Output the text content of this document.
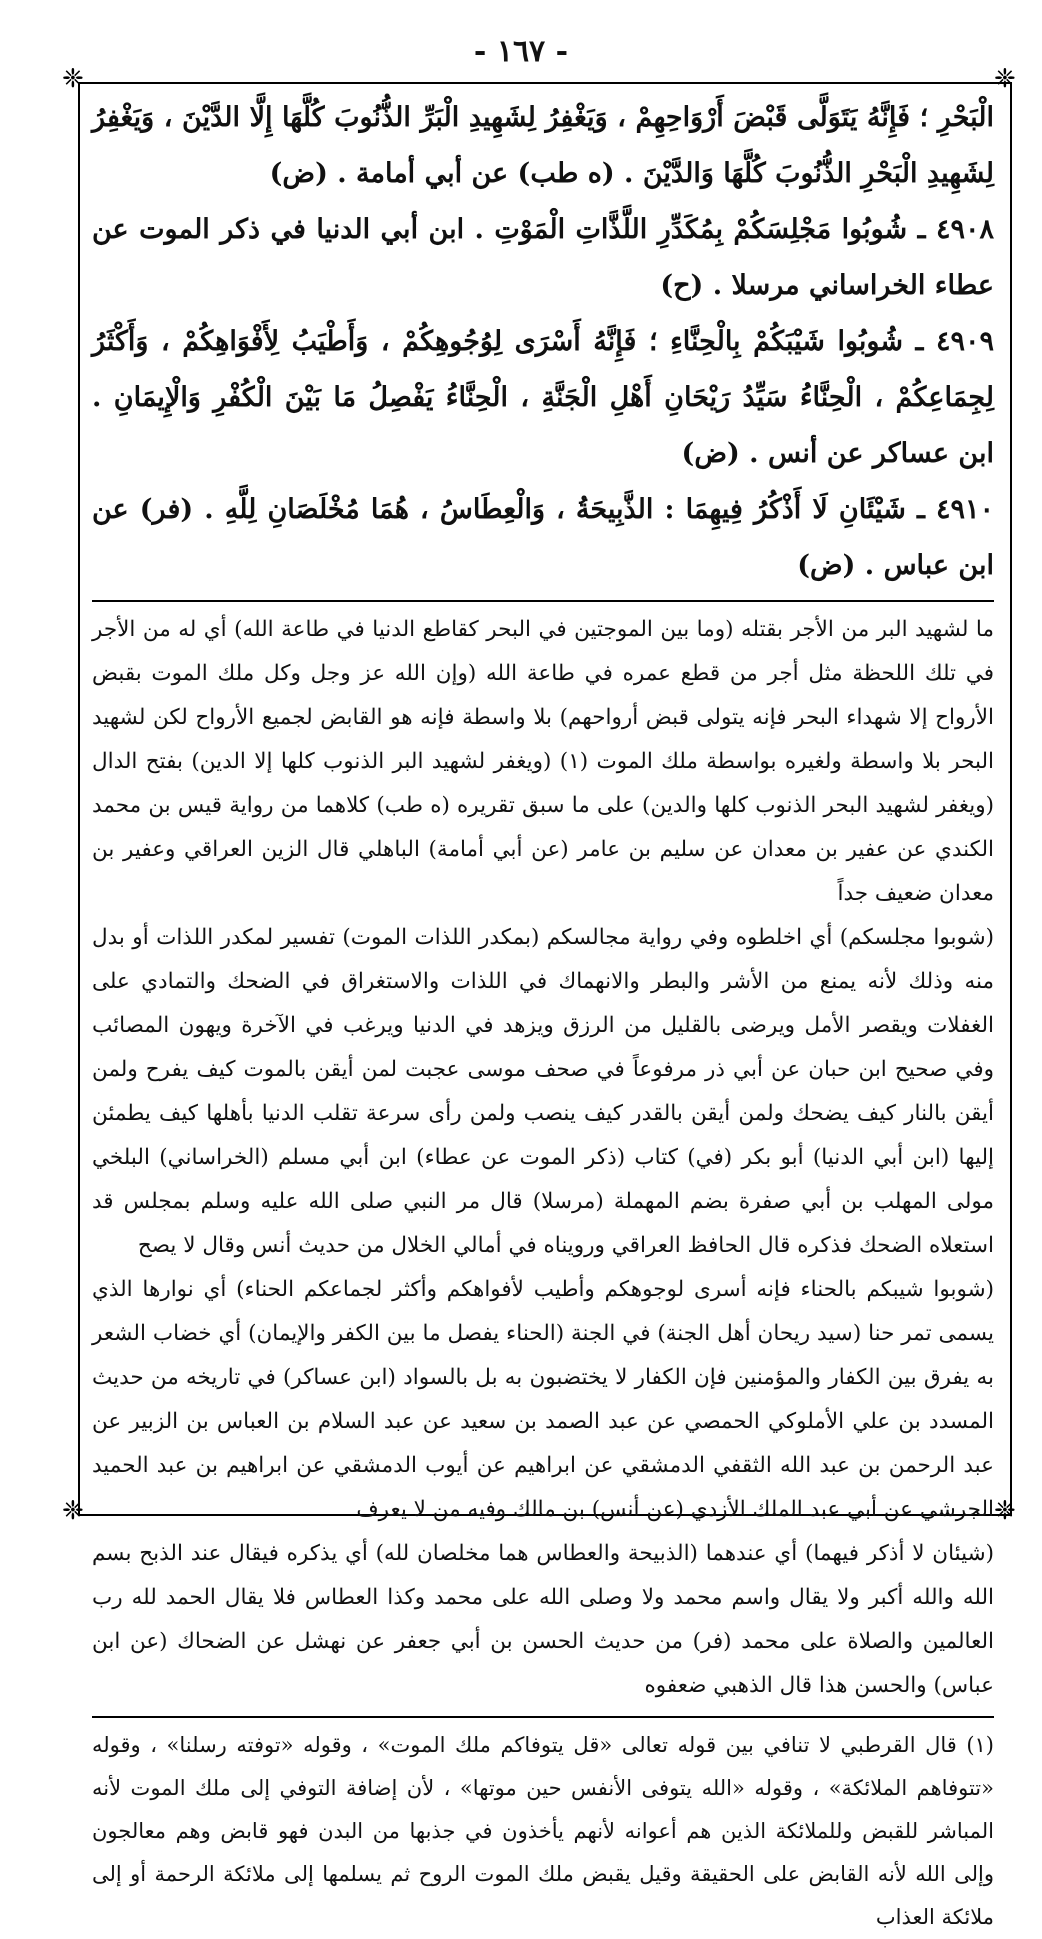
- ١٦٧ -
❈	❈
❈	❈

الْبَحْرِ ؛ فَإِنَّهُ يَتَوَلَّى قَبْضَ أَرْوَاحِهِمْ ، وَيَغْفِرُ لِشَهِيدِ الْبَرِّ الذُّنُوبَ كُلَّهَا إِلَّا الدَّيْنَ ، وَيَغْفِرُ لِشَهِيدِ الْبَحْرِ الذُّنُوبَ كُلَّهَا وَالدَّيْنَ . (ه طب) عن أبي أمامة . (ض)

٤٩٠٨ ـ شُوبُوا مَجْلِسَكُمْ بِمُكَدِّرِ اللَّذَّاتِ الْمَوْتِ . ابن أبي الدنيا في ذكر الموت عن عطاء الخراساني مرسلا . (ح)

٤٩٠٩ ـ شُوبُوا شَيْبَكُمْ بِالْحِنَّاءِ ؛ فَإِنَّهُ أَسْرَى لِوُجُوهِكُمْ ، وَأَطْيَبُ لِأَفْوَاهِكُمْ ، وَأَكْثَرُ لِجِمَاعِكُمْ ، الْحِنَّاءُ سَيِّدُ رَيْحَانِ أَهْلِ الْجَنَّةِ ، الْحِنَّاءُ يَفْصِلُ مَا بَيْنَ الْكُفْرِ وَالْإِيمَانِ . ابن عساكر عن أنس . (ض)

٤٩١٠ ـ شَيْئَانِ لَا أَذْكُرُ فِيهِمَا : الذَّبِيحَةُ ، وَالْعِطَاسُ ، هُمَا مُخْلَصَانِ لِلَّهِ . (فر) عن ابن عباس . (ض)

ما لشهيد البر من الأجر بقتله (وما بين الموجتين في البحر كقاطع الدنيا في طاعة الله) أي له من الأجر في تلك اللحظة مثل أجر من قطع عمره في طاعة الله (وإن الله عز وجل وكل ملك الموت بقبض الأرواح إلا شهداء البحر فإنه يتولى قبض أرواحهم) بلا واسطة فإنه هو القابض لجميع الأرواح لكن لشهيد البحر بلا واسطة ولغيره بواسطة ملك الموت (١) (ويغفر لشهيد البر الذنوب كلها إلا الدين) بفتح الدال (ويغفر لشهيد البحر الذنوب كلها والدين) على ما سبق تقريره (ه طب) كلاهما من رواية قيس بن محمد الكندي عن عفير بن معدان عن سليم بن عامر (عن أبي أمامة) الباهلي قال الزين العراقي وعفير بن معدان ضعيف جداً

(شوبوا مجلسكم) أي اخلطوه وفي رواية مجالسكم (بمكدر اللذات الموت) تفسير لمكدر اللذات أو بدل منه وذلك لأنه يمنع من الأشر والبطر والانهماك في اللذات والاستغراق في الضحك والتمادي على الغفلات ويقصر الأمل ويرضى بالقليل من الرزق ويزهد في الدنيا ويرغب في الآخرة ويهون المصائب وفي صحيح ابن حبان عن أبي ذر مرفوعاً في صحف موسى عجبت لمن أيقن بالموت كيف يفرح ولمن أيقن بالنار كيف يضحك ولمن أيقن بالقدر كيف ينصب ولمن رأى سرعة تقلب الدنيا بأهلها كيف يطمئن إليها (ابن أبي الدنيا) أبو بكر (في) كتاب (ذكر الموت عن عطاء) ابن أبي مسلم (الخراساني) البلخي مولى المهلب بن أبي صفرة بضم المهملة (مرسلا) قال مر النبي صلى الله عليه وسلم بمجلس قد استعلاه الضحك فذكره قال الحافظ العراقي ورويناه في أمالي الخلال من حديث أنس وقال لا يصح

(شوبوا شيبكم بالحناء فإنه أسرى لوجوهكم وأطيب لأفواهكم وأكثر لجماعكم الحناء) أي نوارها الذي يسمى تمر حنا (سيد ريحان أهل الجنة) في الجنة (الحناء يفصل ما بين الكفر والإيمان) أي خضاب الشعر به يفرق بين الكفار والمؤمنين فإن الكفار لا يختضبون به بل بالسواد (ابن عساكر) في تاريخه من حديث المسدد بن علي الأملوكي الحمصي عن عبد الصمد بن سعيد عن عبد السلام بن العباس بن الزبير عن عبد الرحمن بن عبد الله الثقفي الدمشقي عن ابراهيم عن أيوب الدمشقي عن ابراهيم بن عبد الحميد الجرشي عن أبي عبد الملك الأزدي (عن أنس) بن مالك وفيه من لا يعرف

(شيئان لا أذكر فيهما) أي عندهما (الذبيحة والعطاس هما مخلصان لله) أي يذكره فيقال عند الذبح بسم الله والله أكبر ولا يقال واسم محمد ولا وصلى الله على محمد وكذا العطاس فلا يقال الحمد لله رب العالمين والصلاة على محمد (فر) من حديث الحسن بن أبي جعفر عن نهشل عن الضحاك (عن ابن عباس) والحسن هذا قال الذهبي ضعفوه

(١) قال القرطبي لا تنافي بين قوله تعالى «قل يتوفاكم ملك الموت» ، وقوله «توفته رسلنا» ، وقوله «تتوفاهم الملائكة» ، وقوله «الله يتوفى الأنفس حين موتها» ، لأن إضافة التوفي إلى ملك الموت لأنه المباشر للقبض وللملائكة الذين هم أعوانه لأنهم يأخذون في جذبها من البدن فهو قابض وهم معالجون وإلى الله لأنه القابض على الحقيقة وقيل يقبض ملك الموت الروح ثم يسلمها إلى ملائكة الرحمة أو إلى ملائكة العذاب
